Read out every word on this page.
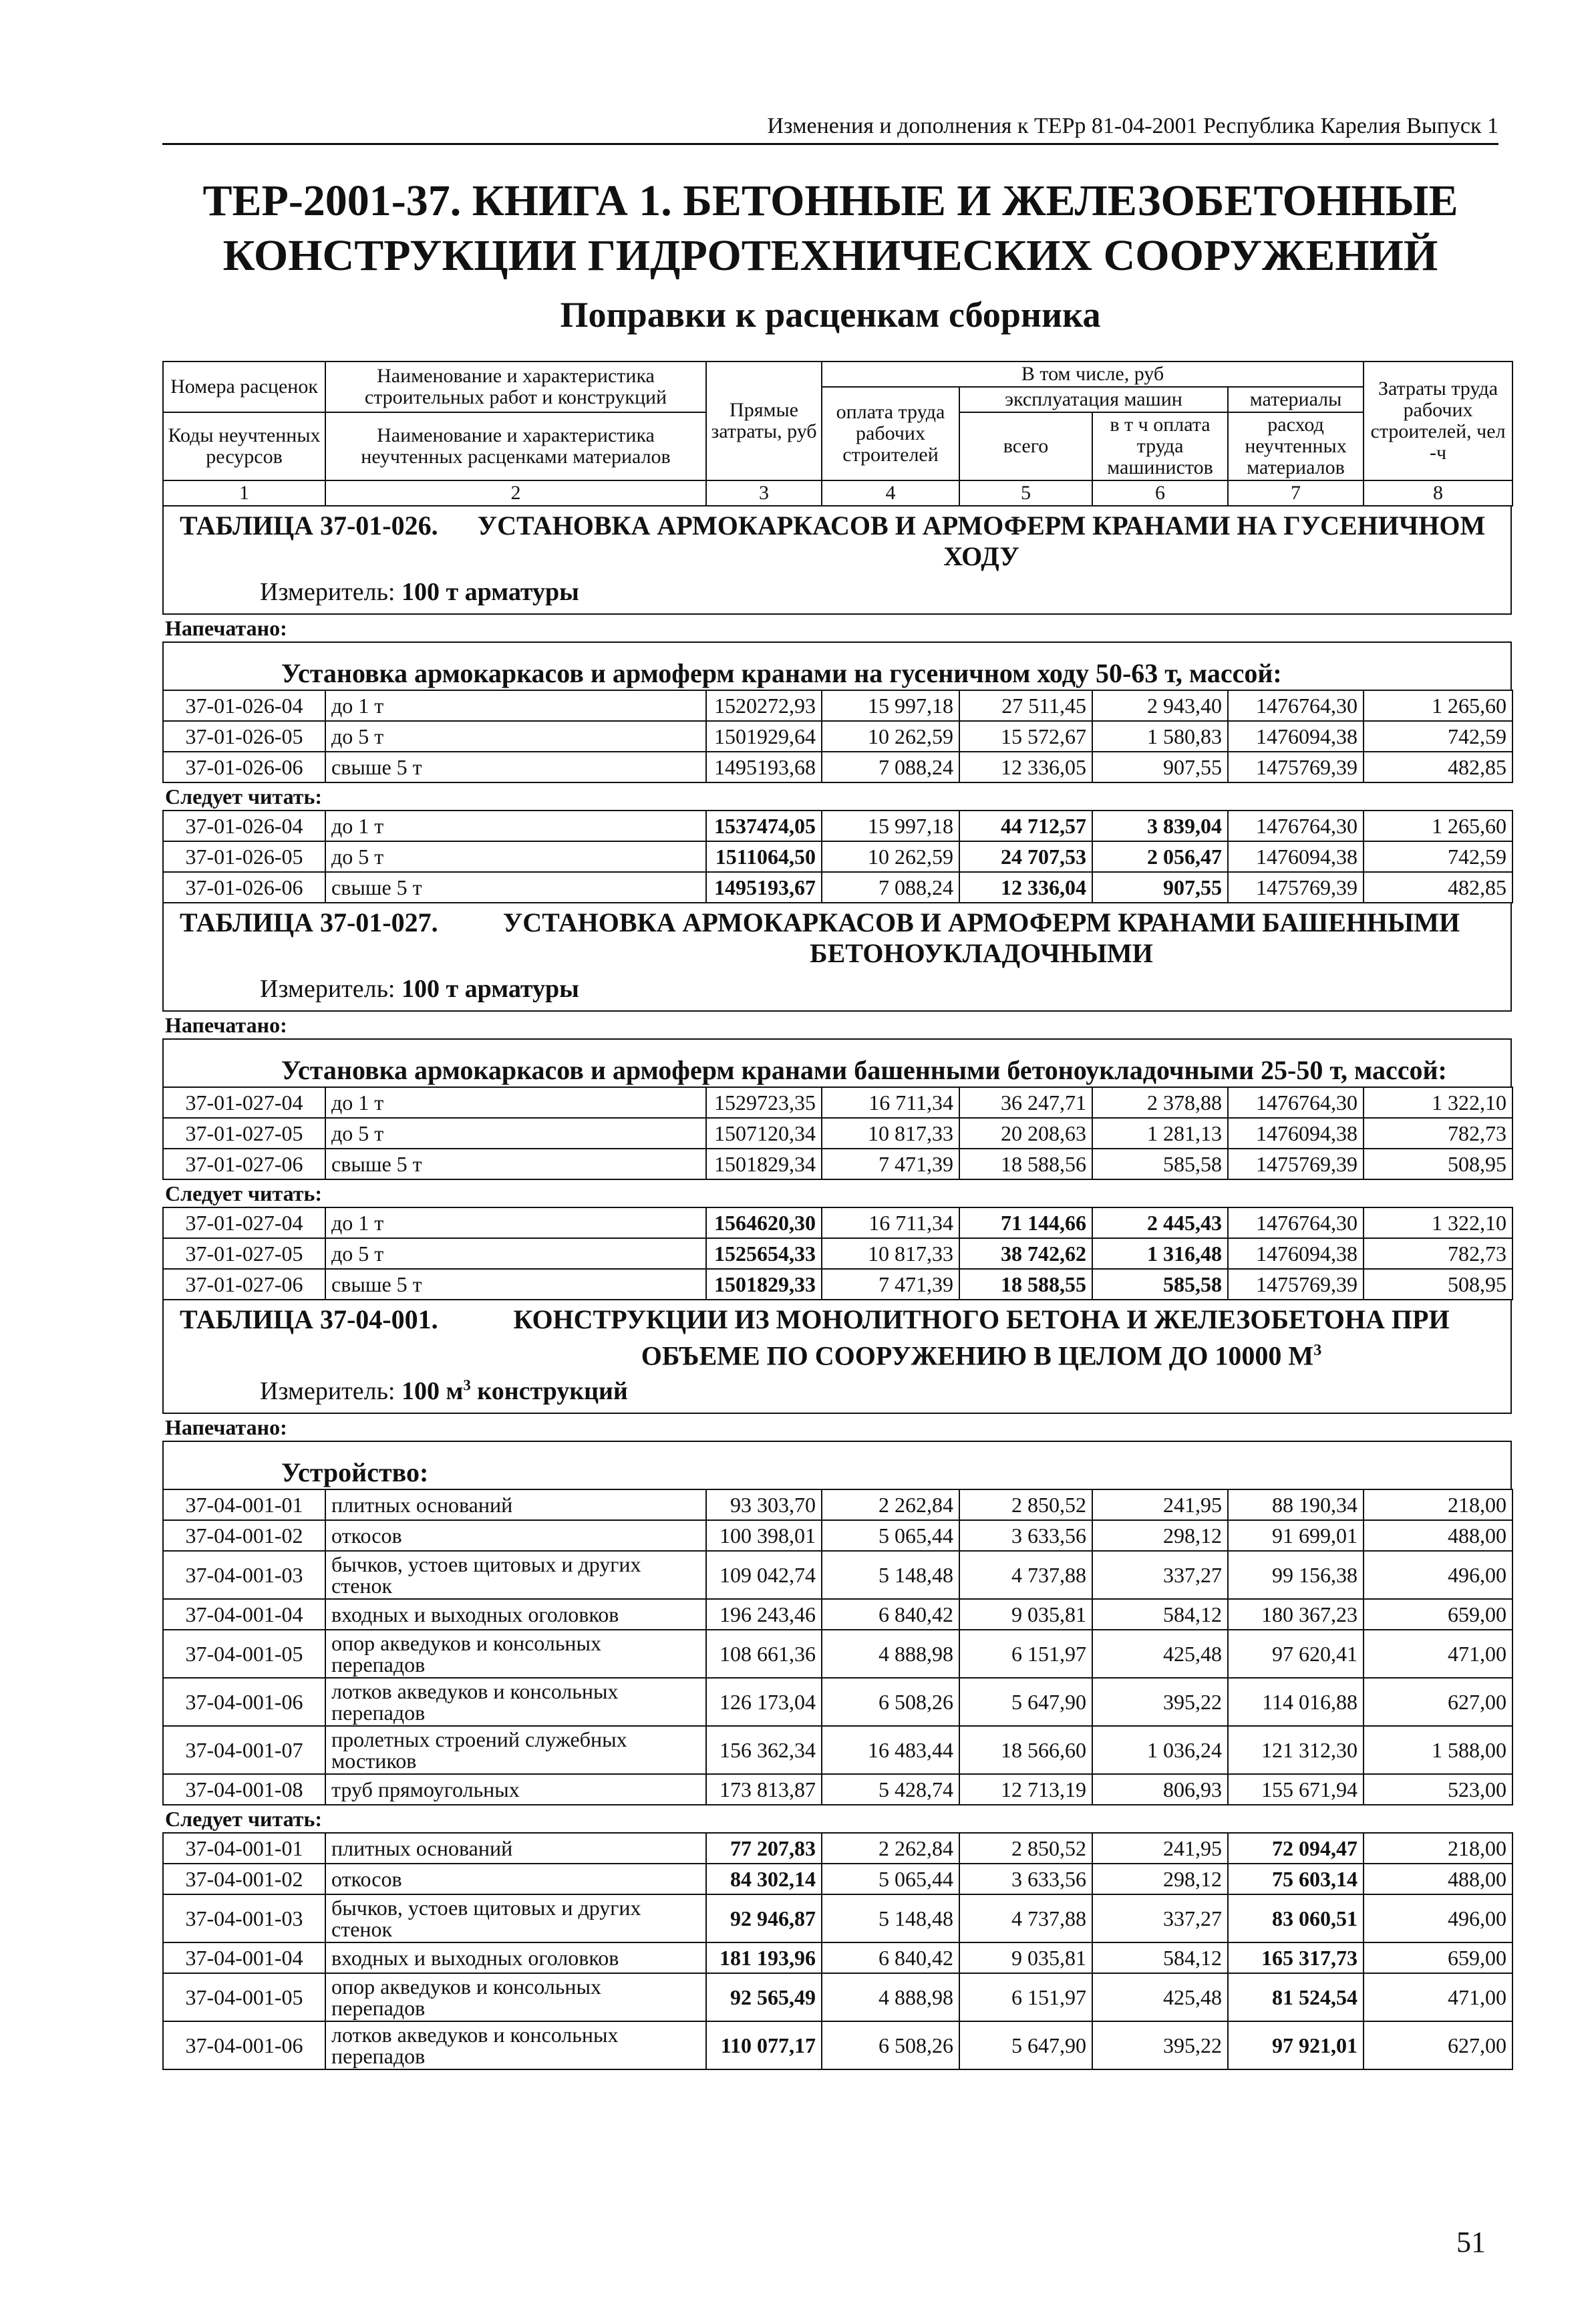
Изменения и дополнения к ТЕРр 81-04-2001 Республика Карелия Выпуск 1
ТЕР-2001-37. КНИГА 1. БЕТОННЫЕ И ЖЕЛЕЗОБЕТОННЫЕ
КОНСТРУКЦИИ ГИДРОТЕХНИЧЕСКИХ СООРУЖЕНИЙ
Поправки к расценкам сборника
Номера расценок	Наименование и характеристика строительных работ и конструкций	Прямые затраты, руб	В том числе, руб				Затраты труда рабочих строителей, чел -ч
			оплата труда рабочих строителей	эксплуатация машин		материалы	
Коды неучтенных ресурсов	Наименование и характеристика неучтенных расценками материалов			всего	в т ч оплата труда машинистов	расход неучтенных материалов	

1	2	3	4	5	6	7	8
ТАБЛИЦА 37-01-026.	УСТАНОВКА АРМОКАРКАСОВ И АРМОФЕРМ КРАНАМИ НА ГУСЕНИЧНОМ ХОДУ
Измеритель: 100 т арматуры
Напечатано:
Установка армокаркасов и армоферм кранами на гусеничном ходу 50-63 т, массой:
37-01-026-04	до 1 т	1520272,93	15 997,18	27 511,45	2 943,40	1476764,30	1 265,60
37-01-026-05	до 5 т	1501929,64	10 262,59	15 572,67	1 580,83	1476094,38	742,59
37-01-026-06	свыше 5 т	1495193,68	7 088,24	12 336,05	907,55	1475769,39	482,85
Следует читать:
37-01-026-04	до 1 т	1537474,05	15 997,18	44 712,57	3 839,04	1476764,30	1 265,60
37-01-026-05	до 5 т	1511064,50	10 262,59	24 707,53	2 056,47	1476094,38	742,59
37-01-026-06	свыше 5 т	1495193,67	7 088,24	12 336,04	907,55	1475769,39	482,85
ТАБЛИЦА 37-01-027.	УСТАНОВКА АРМОКАРКАСОВ И АРМОФЕРМ КРАНАМИ БАШЕННЫМИ БЕТОНОУКЛАДОЧНЫМИ
Измеритель: 100 т арматуры
Напечатано:
Установка армокаркасов и армоферм кранами башенными бетоноукладочными 25-50 т, массой:
37-01-027-04	до 1 т	1529723,35	16 711,34	36 247,71	2 378,88	1476764,30	1 322,10
37-01-027-05	до 5 т	1507120,34	10 817,33	20 208,63	1 281,13	1476094,38	782,73
37-01-027-06	свыше 5 т	1501829,34	7 471,39	18 588,56	585,58	1475769,39	508,95
Следует читать:
37-01-027-04	до 1 т	1564620,30	16 711,34	71 144,66	2 445,43	1476764,30	1 322,10
37-01-027-05	до 5 т	1525654,33	10 817,33	38 742,62	1 316,48	1476094,38	782,73
37-01-027-06	свыше 5 т	1501829,33	7 471,39	18 588,55	585,58	1475769,39	508,95
ТАБЛИЦА 37-04-001.	КОНСТРУКЦИИ ИЗ МОНОЛИТНОГО БЕТОНА И ЖЕЛЕЗОБЕТОНА ПРИ ОБЪЕМЕ ПО СООРУЖЕНИЮ В ЦЕЛОМ ДО 10000 $М^3$
Измеритель: 100 $м^3$ конструкций
Напечатано:
Устройство:
37-04-001-01	плитных оснований	93 303,70	2 262,84	2 850,52	241,95	88 190,34	218,00
37-04-001-02	откосов	100 398,01	5 065,44	3 633,56	298,12	91 699,01	488,00
37-04-001-03	бычков, устоев щитовых и других стенок	109 042,74	5 148,48	4 737,88	337,27	99 156,38	496,00
37-04-001-04	входных и выходных оголовков	196 243,46	6 840,42	9 035,81	584,12	180 367,23	659,00
37-04-001-05	опор акведуков и консольных перепадов	108 661,36	4 888,98	6 151,97	425,48	97 620,41	471,00
37-04-001-06	лотков акведуков и консольных перепадов	126 173,04	6 508,26	5 647,90	395,22	114 016,88	627,00
37-04-001-07	пролетных строений служебных мостиков	156 362,34	16 483,44	18 566,60	1 036,24	121 312,30	1 588,00
37-04-001-08	труб прямоугольных	173 813,87	5 428,74	12 713,19	806,93	155 671,94	523,00
Следует читать:
37-04-001-01	плитных оснований	77 207,83	2 262,84	2 850,52	241,95	72 094,47	218,00
37-04-001-02	откосов	84 302,14	5 065,44	3 633,56	298,12	75 603,14	488,00
37-04-001-03	бычков, устоев щитовых и других стенок	92 946,87	5 148,48	4 737,88	337,27	83 060,51	496,00
37-04-001-04	входных и выходных оголовков	181 193,96	6 840,42	9 035,81	584,12	165 317,73	659,00
37-04-001-05	опор акведуков и консольных перепадов	92 565,49	4 888,98	6 151,97	425,48	81 524,54	471,00
37-04-001-06	лотков акведуков и консольных перепадов	110 077,17	6 508,26	5 647,90	395,22	97 921,01	627,00
51
